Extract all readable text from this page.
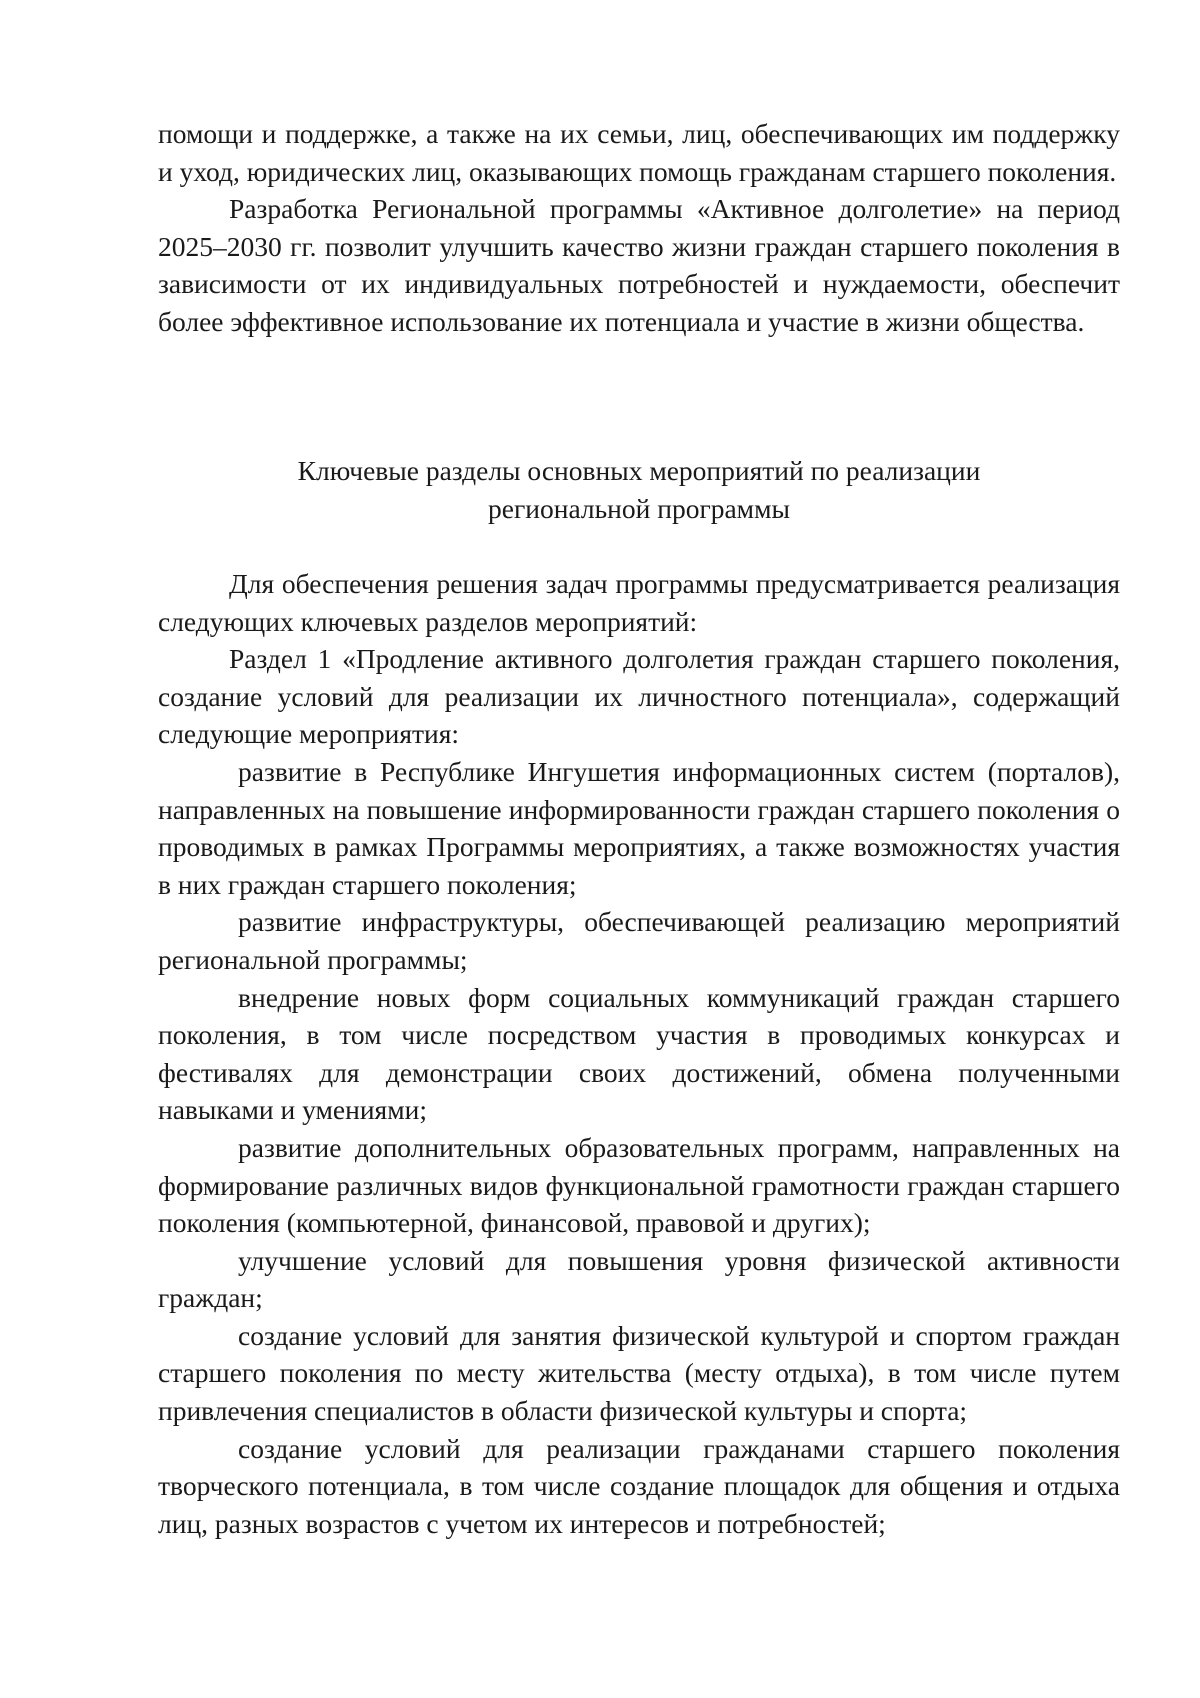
помощи и поддержке, а также на их семьи, лиц, обеспечивающих им поддержку и уход, юридических лиц, оказывающих помощь гражданам старшего поколения.

Разработка Региональной программы «Активное долголетие» на период 2025–2030 гг. позволит улучшить качество жизни граждан старшего поколения в зависимости от их индивидуальных потребностей и нуждаемости, обеспечит более эффективное использование их потенциала и участие в жизни общества.

Ключевые разделы основных мероприятий по реализации
региональной программы

Для обеспечения решения задач программы предусматривается реализация следующих ключевых разделов мероприятий:

Раздел 1 «Продление активного долголетия граждан старшего поколения, создание условий для реализации их личностного потенциала», содержащий следующие мероприятия:

развитие в Республике Ингушетия информационных систем (порталов), направленных на повышение информированности граждан старшего поколения о проводимых в рамках Программы мероприятиях, а также возможностях участия в них граждан старшего поколения;

развитие инфраструктуры, обеспечивающей реализацию мероприятий региональной программы;

внедрение новых форм социальных коммуникаций граждан старшего поколения, в том числе посредством участия в проводимых конкурсах и фестивалях для демонстрации своих достижений, обмена полученными навыками и умениями;

развитие дополнительных образовательных программ, направленных на формирование различных видов функциональной грамотности граждан старшего поколения (компьютерной, финансовой, правовой и других);

улучшение условий для повышения уровня физической активности граждан;

создание условий для занятия физической культурой и спортом граждан старшего поколения по месту жительства (месту отдыха), в том числе путем привлечения специалистов в области физической культуры и спорта;

создание условий для реализации гражданами старшего поколения творческого потенциала, в том числе создание площадок для общения и отдыха лиц, разных возрастов с учетом их интересов и потребностей;
